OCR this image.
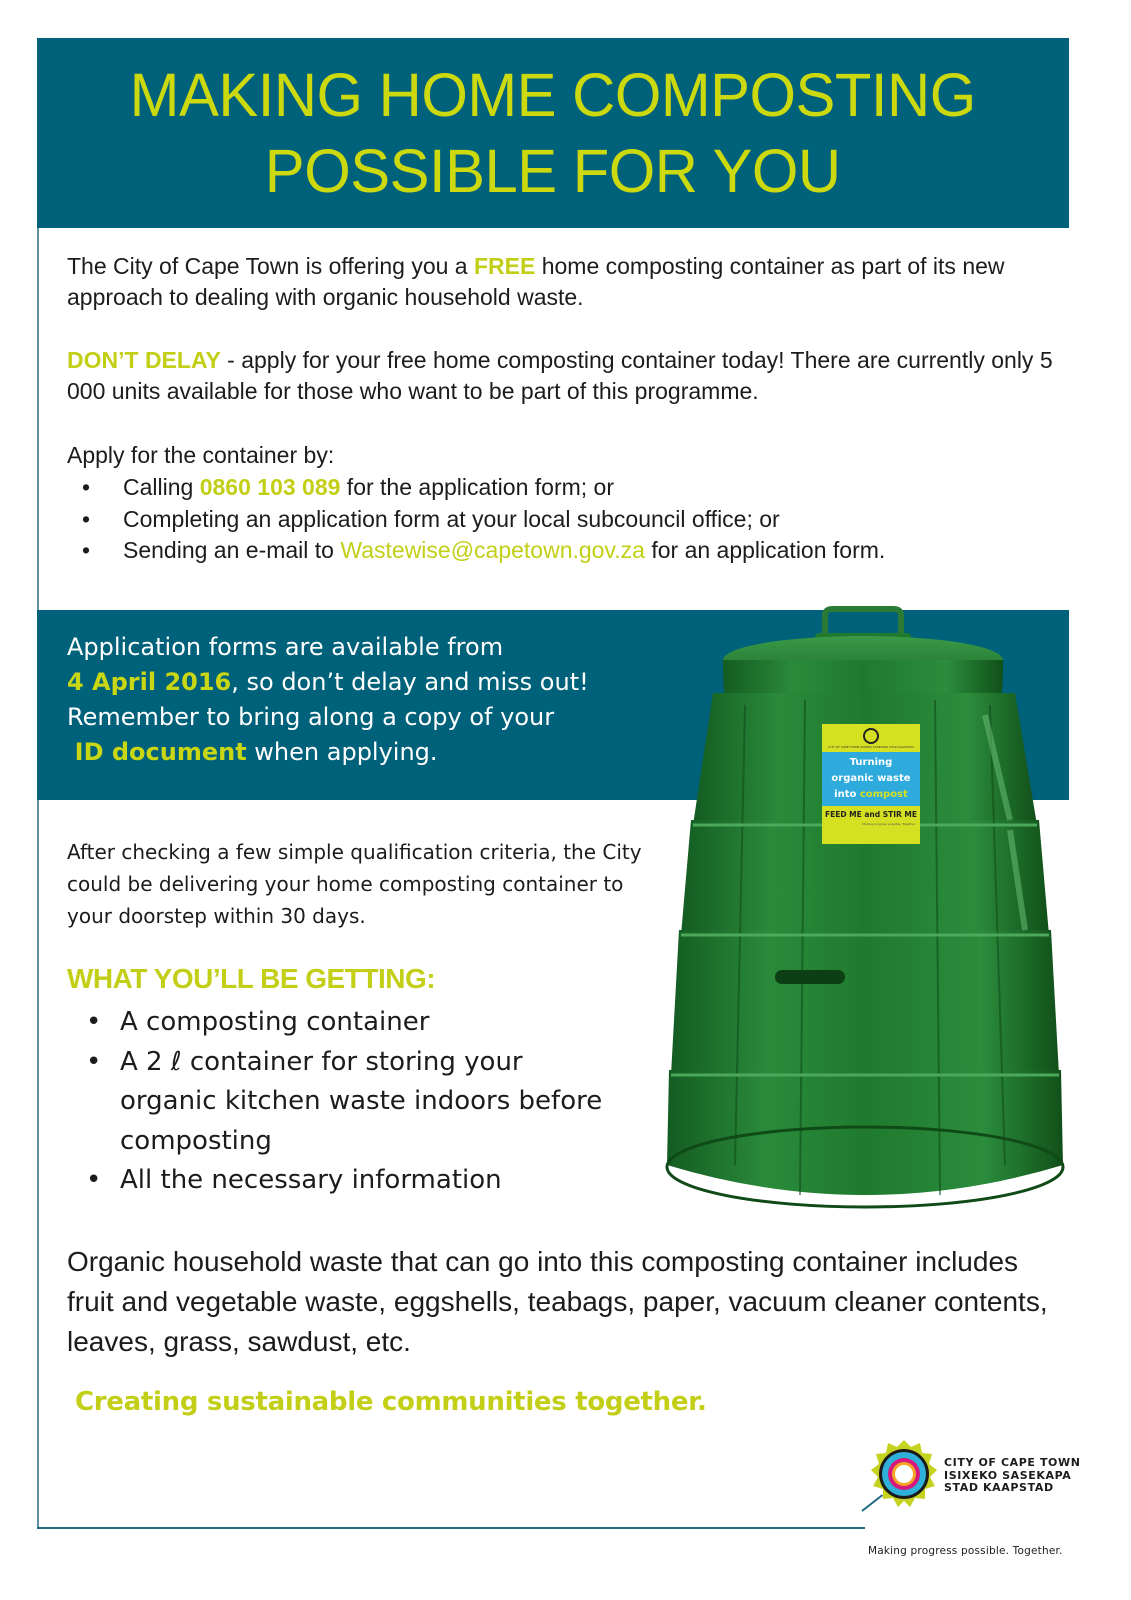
MAKING HOME COMPOSTING
POSSIBLE FOR YOU

The City of Cape Town is offering you a FREE home composting container as part of its new approach to dealing with organic household waste.

DON’T DELAY - apply for your free home composting container today! There are currently only 5 000 units available for those who want to be part of this programme.

Apply for the container by:

• Calling 0860 103 089 for the application form; or
• Completing an application form at your local subcouncil office; or
• Sending an e-mail to Wastewise@capetown.gov.za for an application form.

Application forms are available from
4 April 2016, so don’t delay and miss out!
Remember to bring along a copy of your
ID document when applying.	CITY OF CAPE TOWN ISIXEKO SASEKAPA STAD KAAPSTAD
Turning
organic waste
into compost
FEED ME and STIR ME
Making progress possible. Together.

After checking a few simple qualification criteria, the City could be delivering your home composting container to your doorstep within 30 days.

WHAT YOU’LL BE GETTING:
• A composting container
• A 2 ℓ container for storing your organic kitchen waste indoors before composting
• All the necessary information

Organic household waste that can go into this composting container includes fruit and vegetable waste, eggshells, teabags, paper, vacuum cleaner contents, leaves, grass, sawdust, etc.

Creating sustainable communities together.

CITY OF CAPE TOWN
ISIXEKO SASEKAPA
STAD KAAPSTAD

Making progress possible. Together.
